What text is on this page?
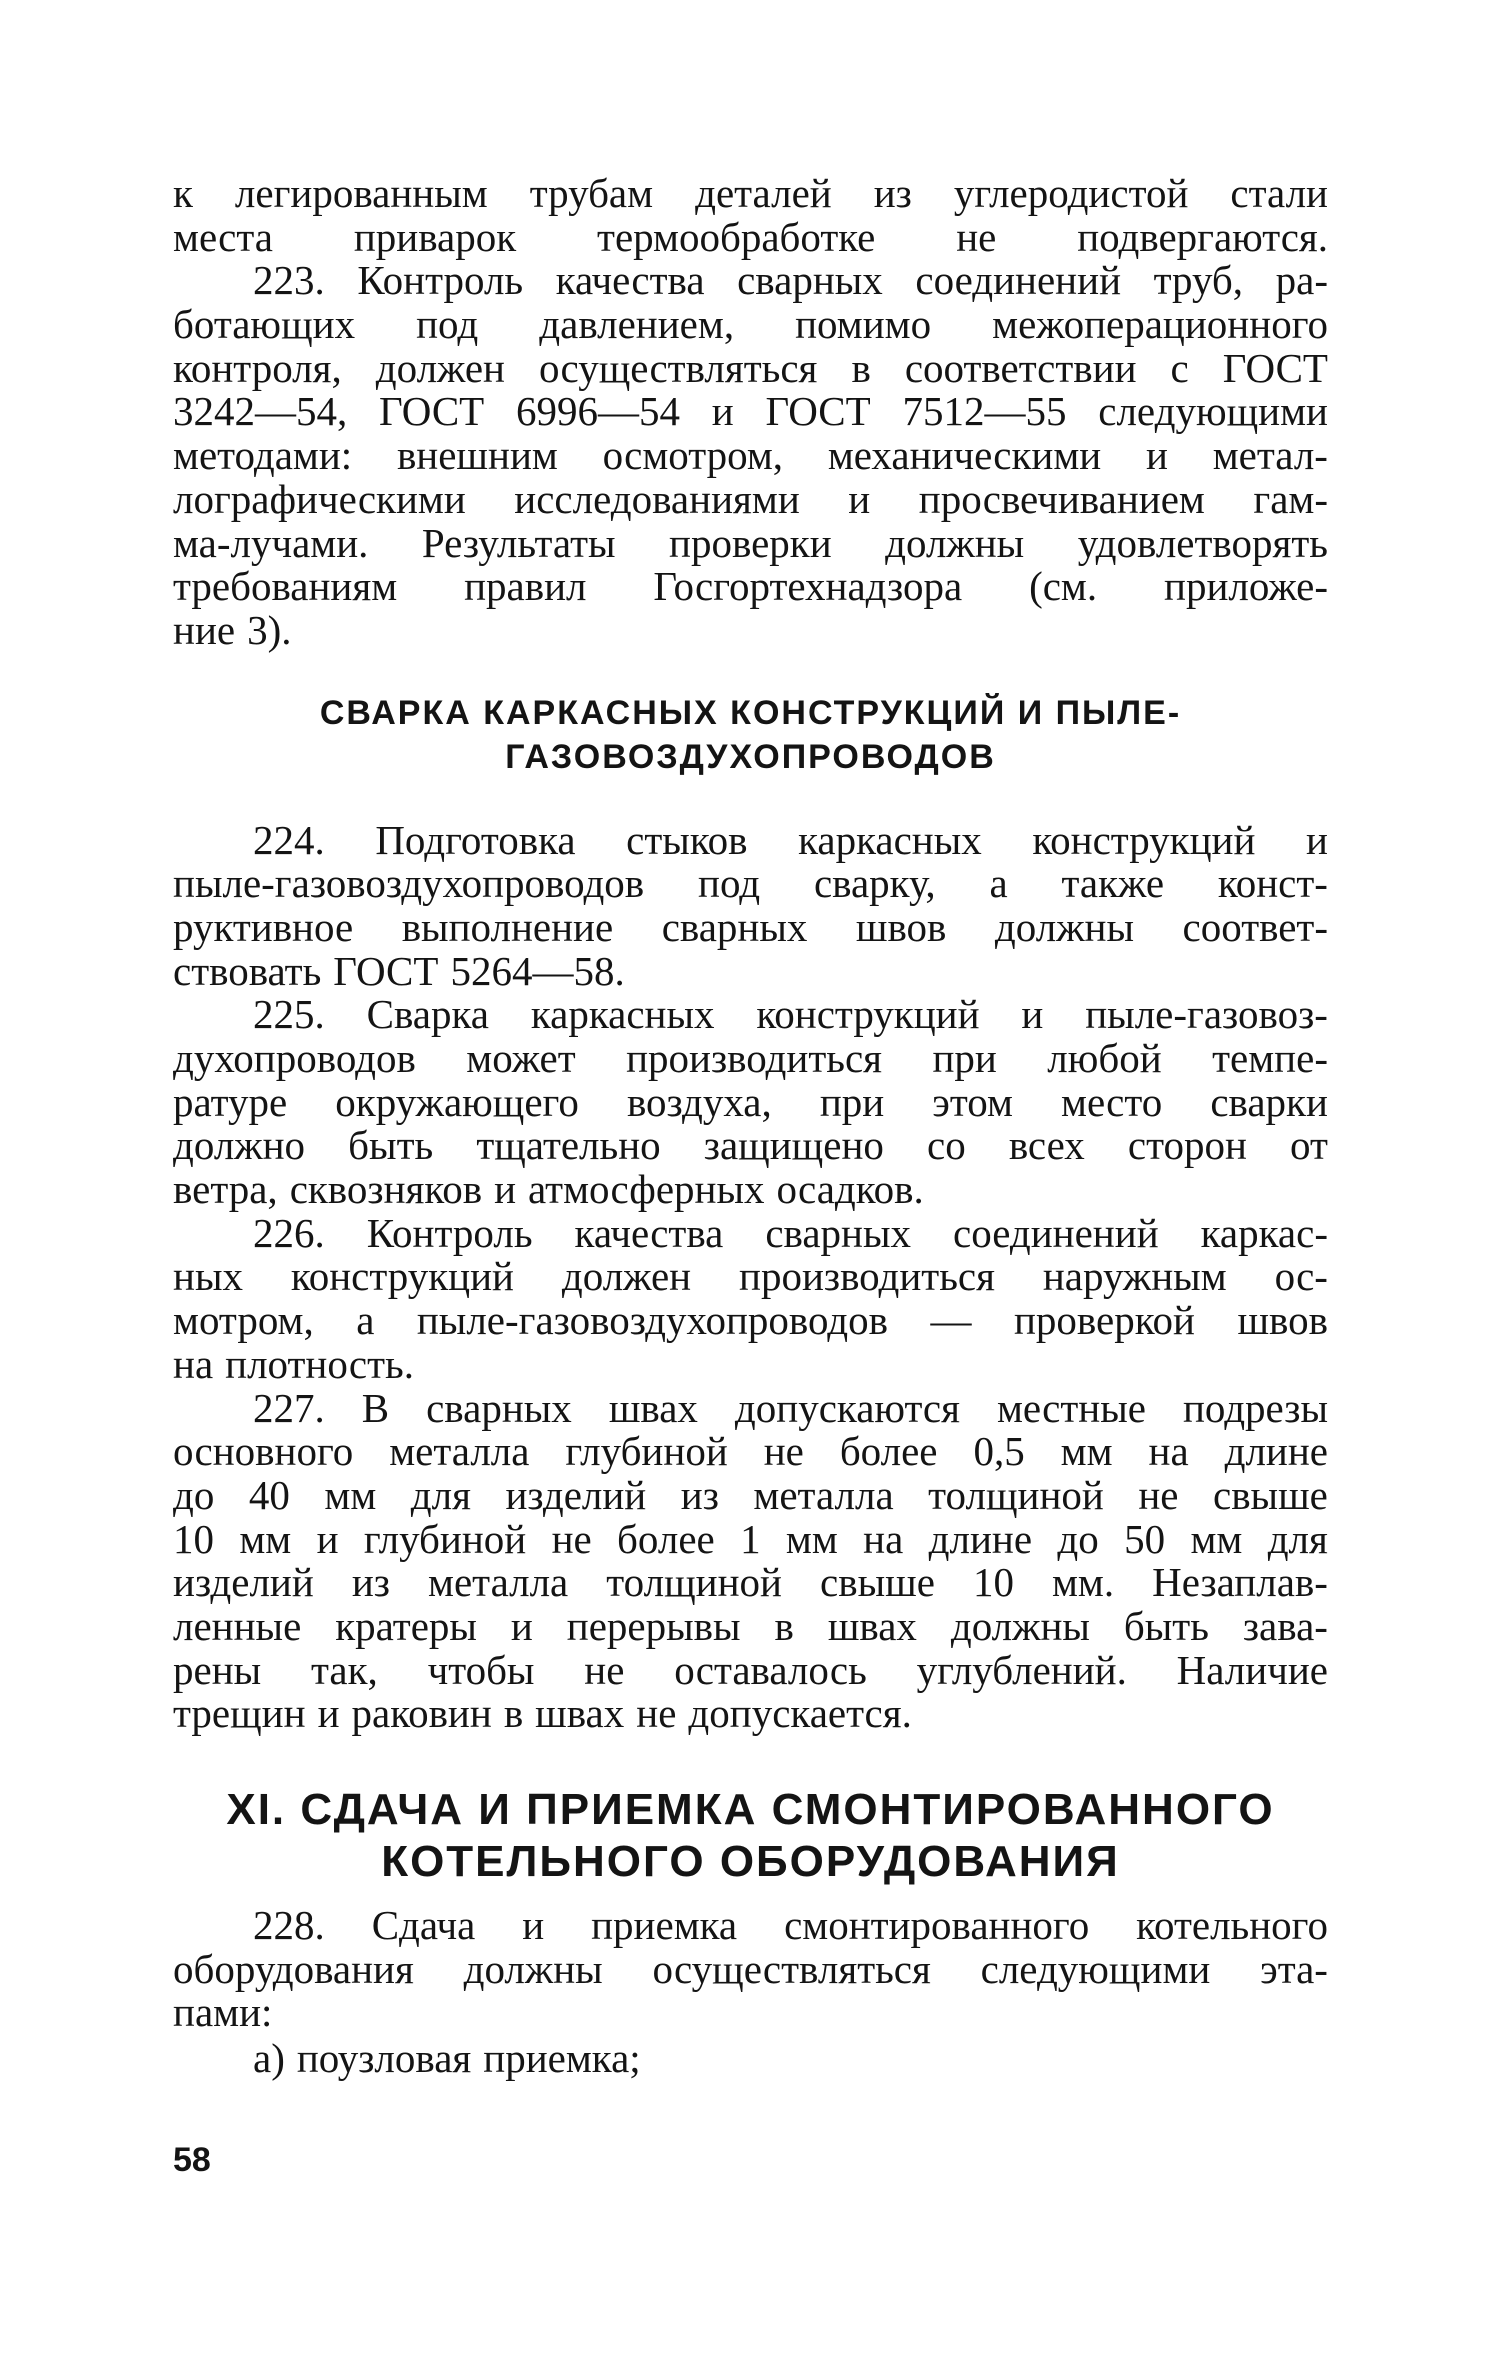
к легированным трубам деталей из углеродистой стали
места приварок термообработке не подвергаются.
223. Контроль качества сварных соединений труб, ра-
ботающих под давлением, помимо межоперационного
контроля, должен осуществляться в соответствии с ГОСТ
3242—54, ГОСТ 6996—54 и ГОСТ 7512—55 следующими
методами: внешним осмотром, механическими и метал-
лографическими исследованиями и просвечиванием гам-
ма-лучами. Результаты проверки должны удовлетворять
требованиям правил Госгортехнадзора (см. приложе-
ние 3).
СВАРКА КАРКАСНЫХ КОНСТРУКЦИЙ И ПЫЛЕ-
ГАЗОВОЗДУХОПРОВОДОВ
224. Подготовка стыков каркасных конструкций и
пыле-газовоздухопроводов под сварку, а также конст-
руктивное выполнение сварных швов должны соответ-
ствовать ГОСТ 5264—58.
225. Сварка каркасных конструкций и пыле-газовоз-
духопроводов может производиться при любой темпе-
ратуре окружающего воздуха, при этом место сварки
должно быть тщательно защищено со всех сторон от
ветра, сквозняков и атмосферных осадков.
226. Контроль качества сварных соединений каркас-
ных конструкций должен производиться наружным ос-
мотром, а пыле-газовоздухопроводов — проверкой швов
на плотность.
227. В сварных швах допускаются местные подрезы
основного металла глубиной не более 0,5 мм на длине
до 40 мм для изделий из металла толщиной не свыше
10 мм и глубиной не более 1 мм на длине до 50 мм для
изделий из металла толщиной свыше 10 мм. Незаплав-
ленные кратеры и перерывы в швах должны быть зава-
рены так, чтобы не оставалось углублений. Наличие
трещин и раковин в швах не допускается.
XI. СДАЧА И ПРИЕМКА СМОНТИРОВАННОГО
КОТЕЛЬНОГО ОБОРУДОВАНИЯ
228. Сдача и приемка смонтированного котельного
оборудования должны осуществляться следующими эта-
пами:
а) поузловая приемка;
58
